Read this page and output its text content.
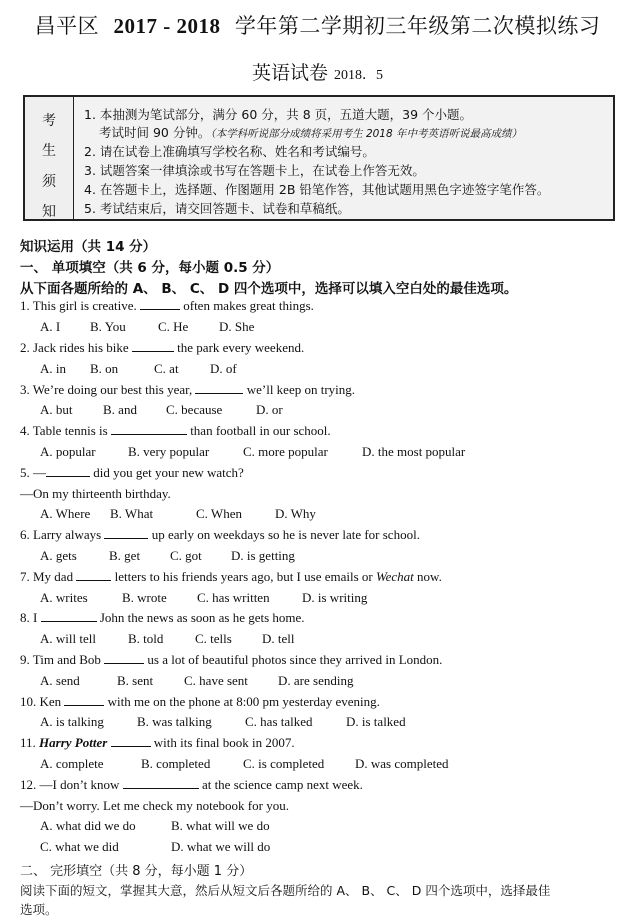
昌平区 2017 - 2018 学年第二学期初三年级第二次模拟练习
英语试卷 2018．5
考
生
须
知
1. 本抽测为笔试部分，满分 60 分，共 8 页，五道大题，39 个小题。
考试时间 90 分钟。（本学科听说部分成绩将采用考生 2018 年中考英语听说最高成绩）
2. 请在试卷上准确填写学校名称、姓名和考试编号。
3. 试题答案一律填涂或书写在答题卡上，在试卷上作答无效。
4. 在答题卡上，选择题、作图题用 2B 铅笔作答，其他试题用黑色字迹签字笔作答。
5. 考试结束后，请交回答题卡、试卷和草稿纸。
知识运用（共 14 分）
一、 单项填空（共 6 分，每小题 0.5 分）
从下面各题所给的 A、 B、 C、 D 四个选项中，选择可以填入空白处的最佳选项。
1. This girl is creative.	often makes great things.
A. I B. You C. He D. She
2. Jack rides his bike	the park every weekend.
A. in B. on	C. at D. of
3. We’re doing our best this year,	we’ll keep on trying.
A. but B. and C. because	D. or
4. Table tennis is	than football in our school.
A. popular B. very popular	C. more popular	D. the most popular
5. —	did you get your new watch?
—On my thirteenth birthday.
A. Where B. What	C. When	D. Why
6. Larry always	up early on weekdays so he is never late for school.
A. gets B. get C. got D. is getting
7. My dad	letters to his friends years ago, but I use emails or Wechat now.
A. writes	B. wrote C. has written D. is writing
8. I	John the news as soon as he gets home.
A. will tell B. told C. tells D. tell
9. Tim and Bob	us a lot of beautiful photos since they arrived in London.
A. send	B. sent C. have sent D. are sending
10. Ken	with me on the phone at 8:00 pm yesterday evening.
A. is talking	B. was talking	C. has talked	D. is talked
11. Harry Potter	with its final book in 2007.
A. complete	B. completed	C. is completed D. was completed
12. —I don’t know	at the science camp next week.
—Don’t worry. Let me check my notebook for you.
A. what did we do	B. what will we do
C. what we did	D. what we will do
二、 完形填空（共 8 分，每小题 1 分）
阅读下面的短文，掌握其大意，然后从短文后各题所给的 A、 B、 C、 D 四个选项中，选择最佳
选项。
